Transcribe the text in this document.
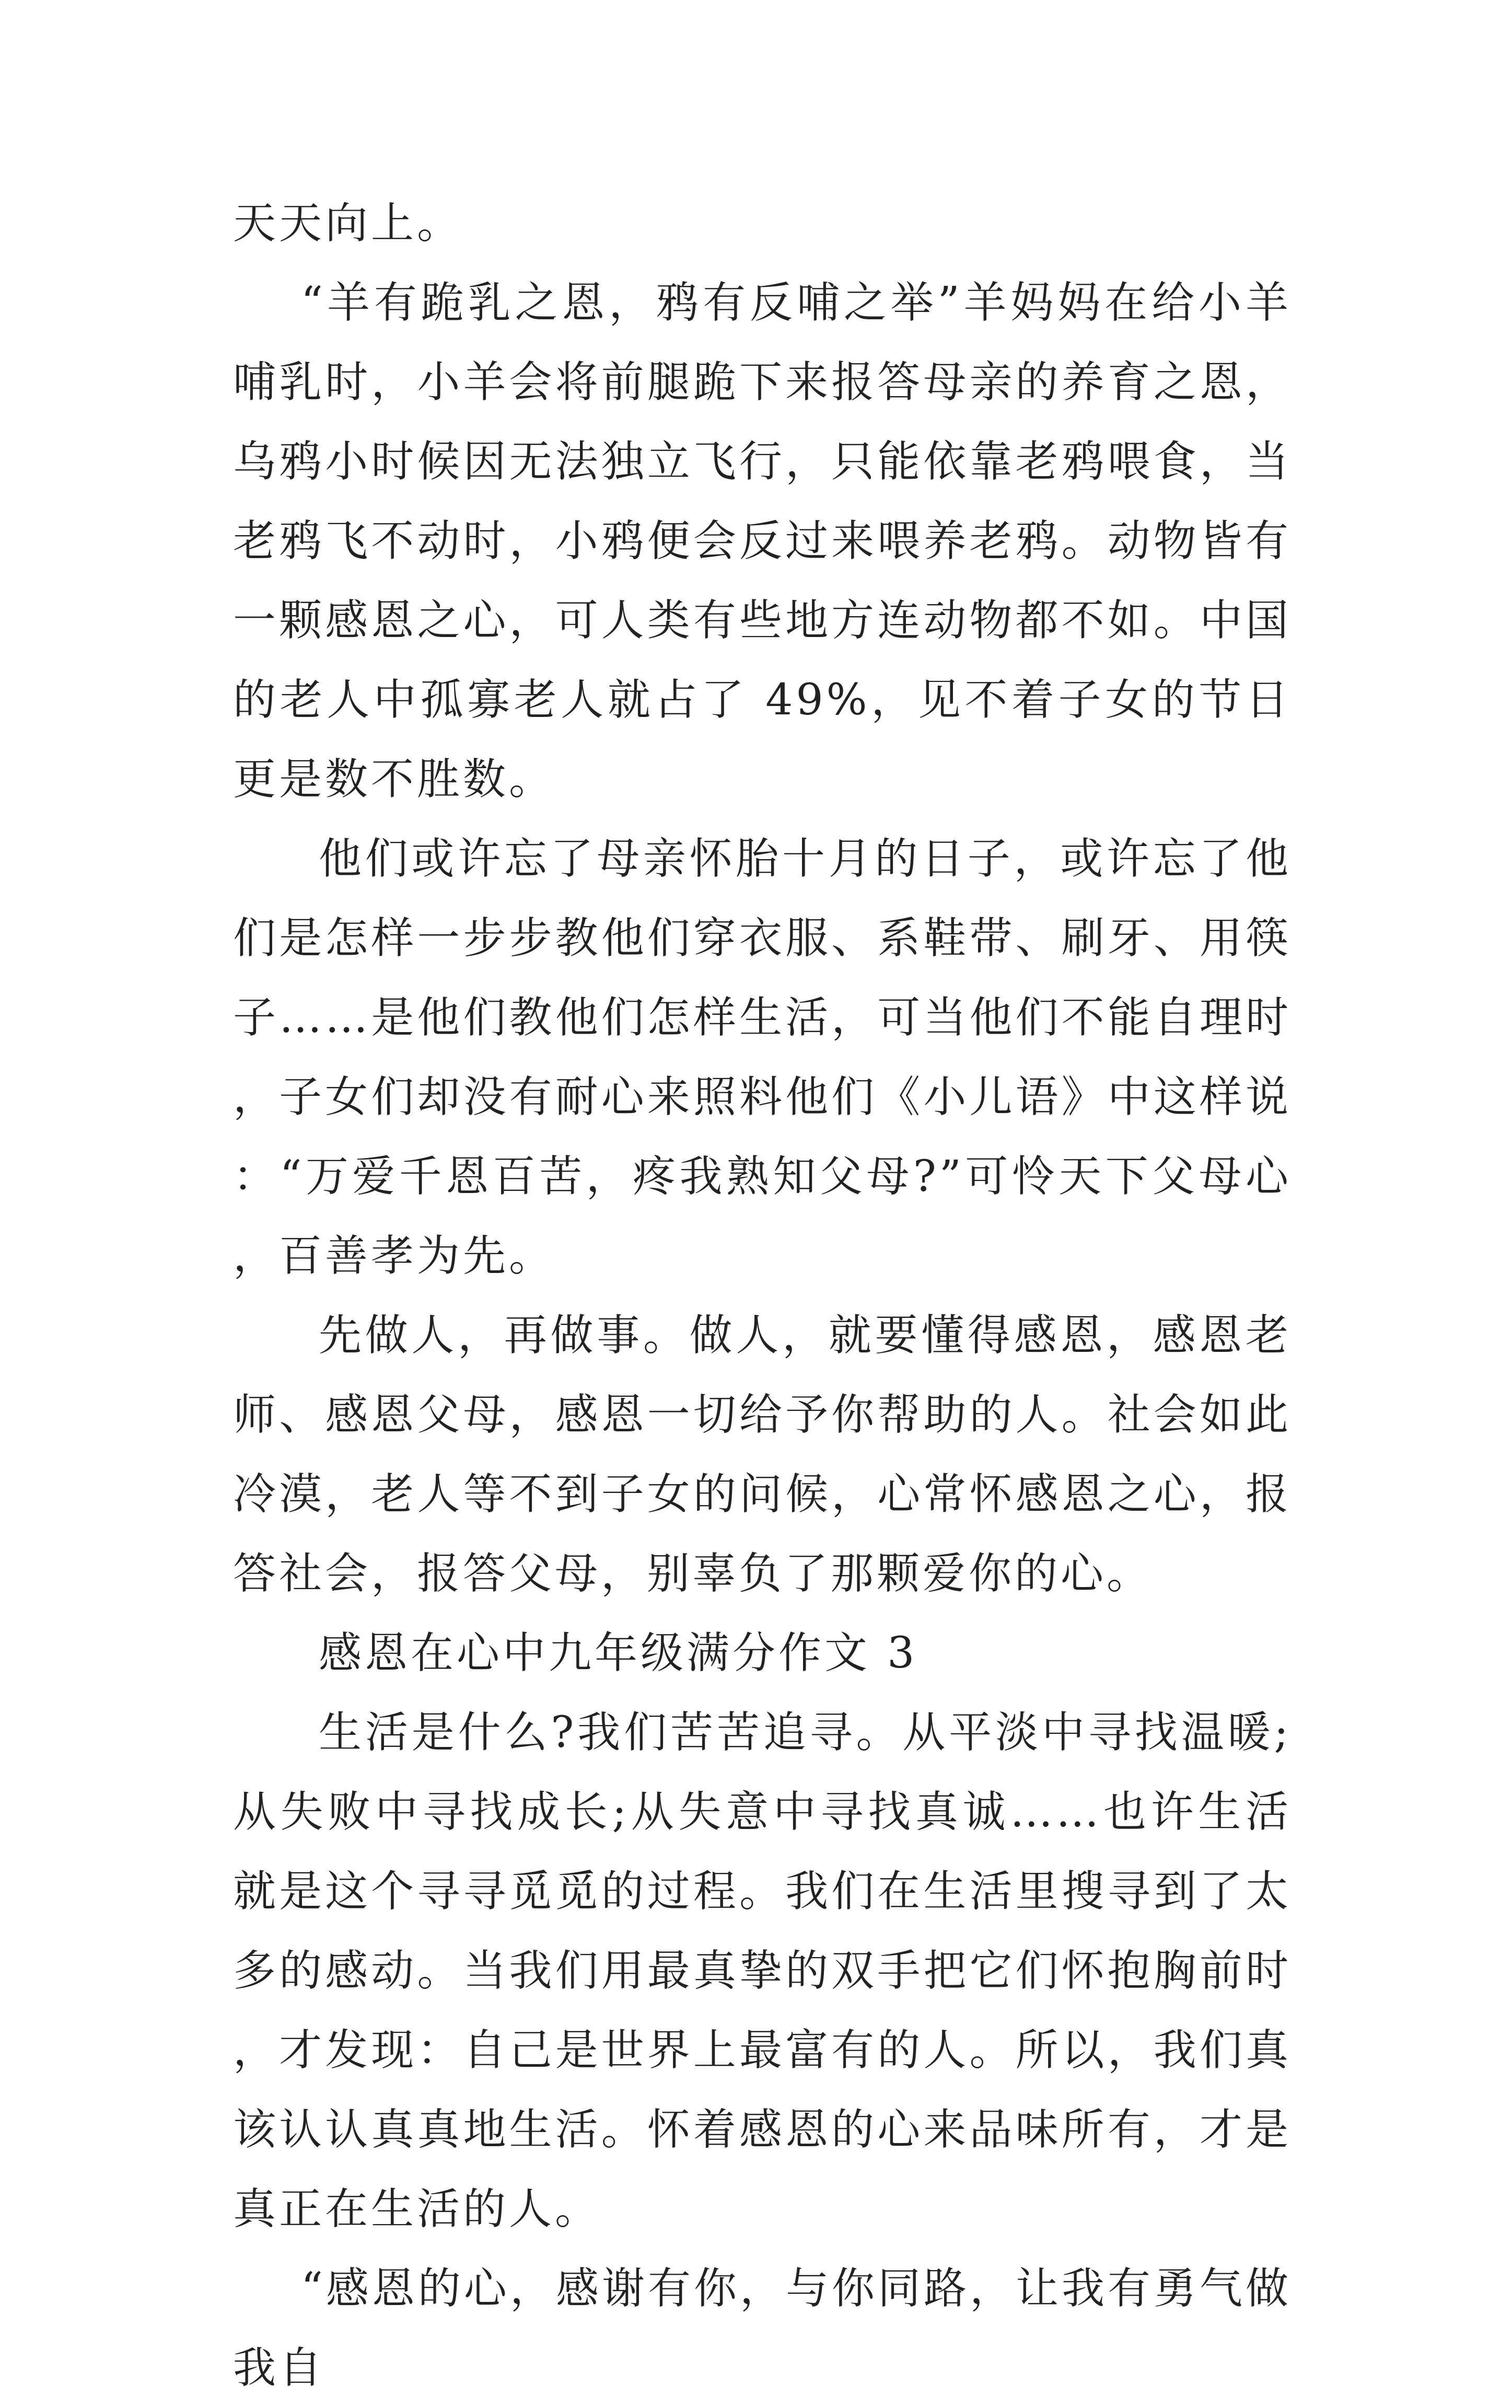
天天向上。

“羊有跪乳之恩，鸦有反哺之举”羊妈妈在给小羊哺乳时，小羊会将前腿跪下来报答母亲的养育之恩，乌鸦小时候因无法独立飞行，只能依靠老鸦喂食，当老鸦飞不动时，小鸦便会反过来喂养老鸦。动物皆有一颗感恩之心，可人类有些地方连动物都不如。中国的老人中孤寡老人就占了 49%，见不着子女的节日更是数不胜数。

他们或许忘了母亲怀胎十月的日子，或许忘了他们是怎样一步步教他们穿衣服、系鞋带、刷牙、用筷子……是他们教他们怎样生活，可当他们不能自理时，子女们却没有耐心来照料他们《小儿语》中这样说：“万爱千恩百苦，疼我熟知父母?”可怜天下父母心，百善孝为先。

先做人，再做事。做人，就要懂得感恩，感恩老师、感恩父母，感恩一切给予你帮助的人。社会如此冷漠，老人等不到子女的问候，心常怀感恩之心，报答社会，报答父母，别辜负了那颗爱你的心。

感恩在心中九年级满分作文 3

生活是什么?我们苦苦追寻。从平淡中寻找温暖;从失败中寻找成长;从失意中寻找真诚……也许生活就是这个寻寻觅觅的过程。我们在生活里搜寻到了太多的感动。当我们用最真挚的双手把它们怀抱胸前时，才发现：自己是世界上最富有的人。所以，我们真该认认真真地生活。怀着感恩的心来品味所有，才是真正在生活的人。

“感恩的心，感谢有你，与你同路，让我有勇气做我自
